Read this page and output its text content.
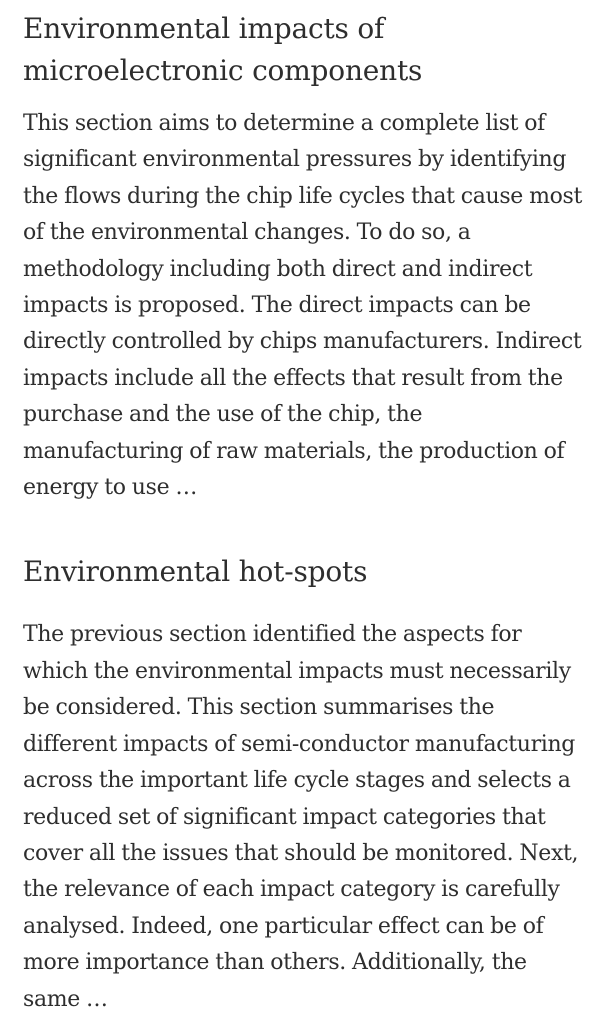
Environmental impacts of microelectronic components

This section aims to determine a complete list of significant environmental pressures by identifying the flows during the chip life cycles that cause most of the environmental changes. To do so, a methodology including both direct and indirect impacts is proposed. The direct impacts can be directly controlled by chips manufacturers. Indirect impacts include all the effects that result from the purchase and the use of the chip, the manufacturing of raw materials, the production of energy to use …

Environmental hot-spots

The previous section identified the aspects for which the environmental impacts must necessarily be considered. This section summarises the different impacts of semi-conductor manufacturing across the important life cycle stages and selects a reduced set of significant impact categories that cover all the issues that should be monitored. Next, the relevance of each impact category is carefully analysed. Indeed, one particular effect can be of more importance than others. Additionally, the same …
